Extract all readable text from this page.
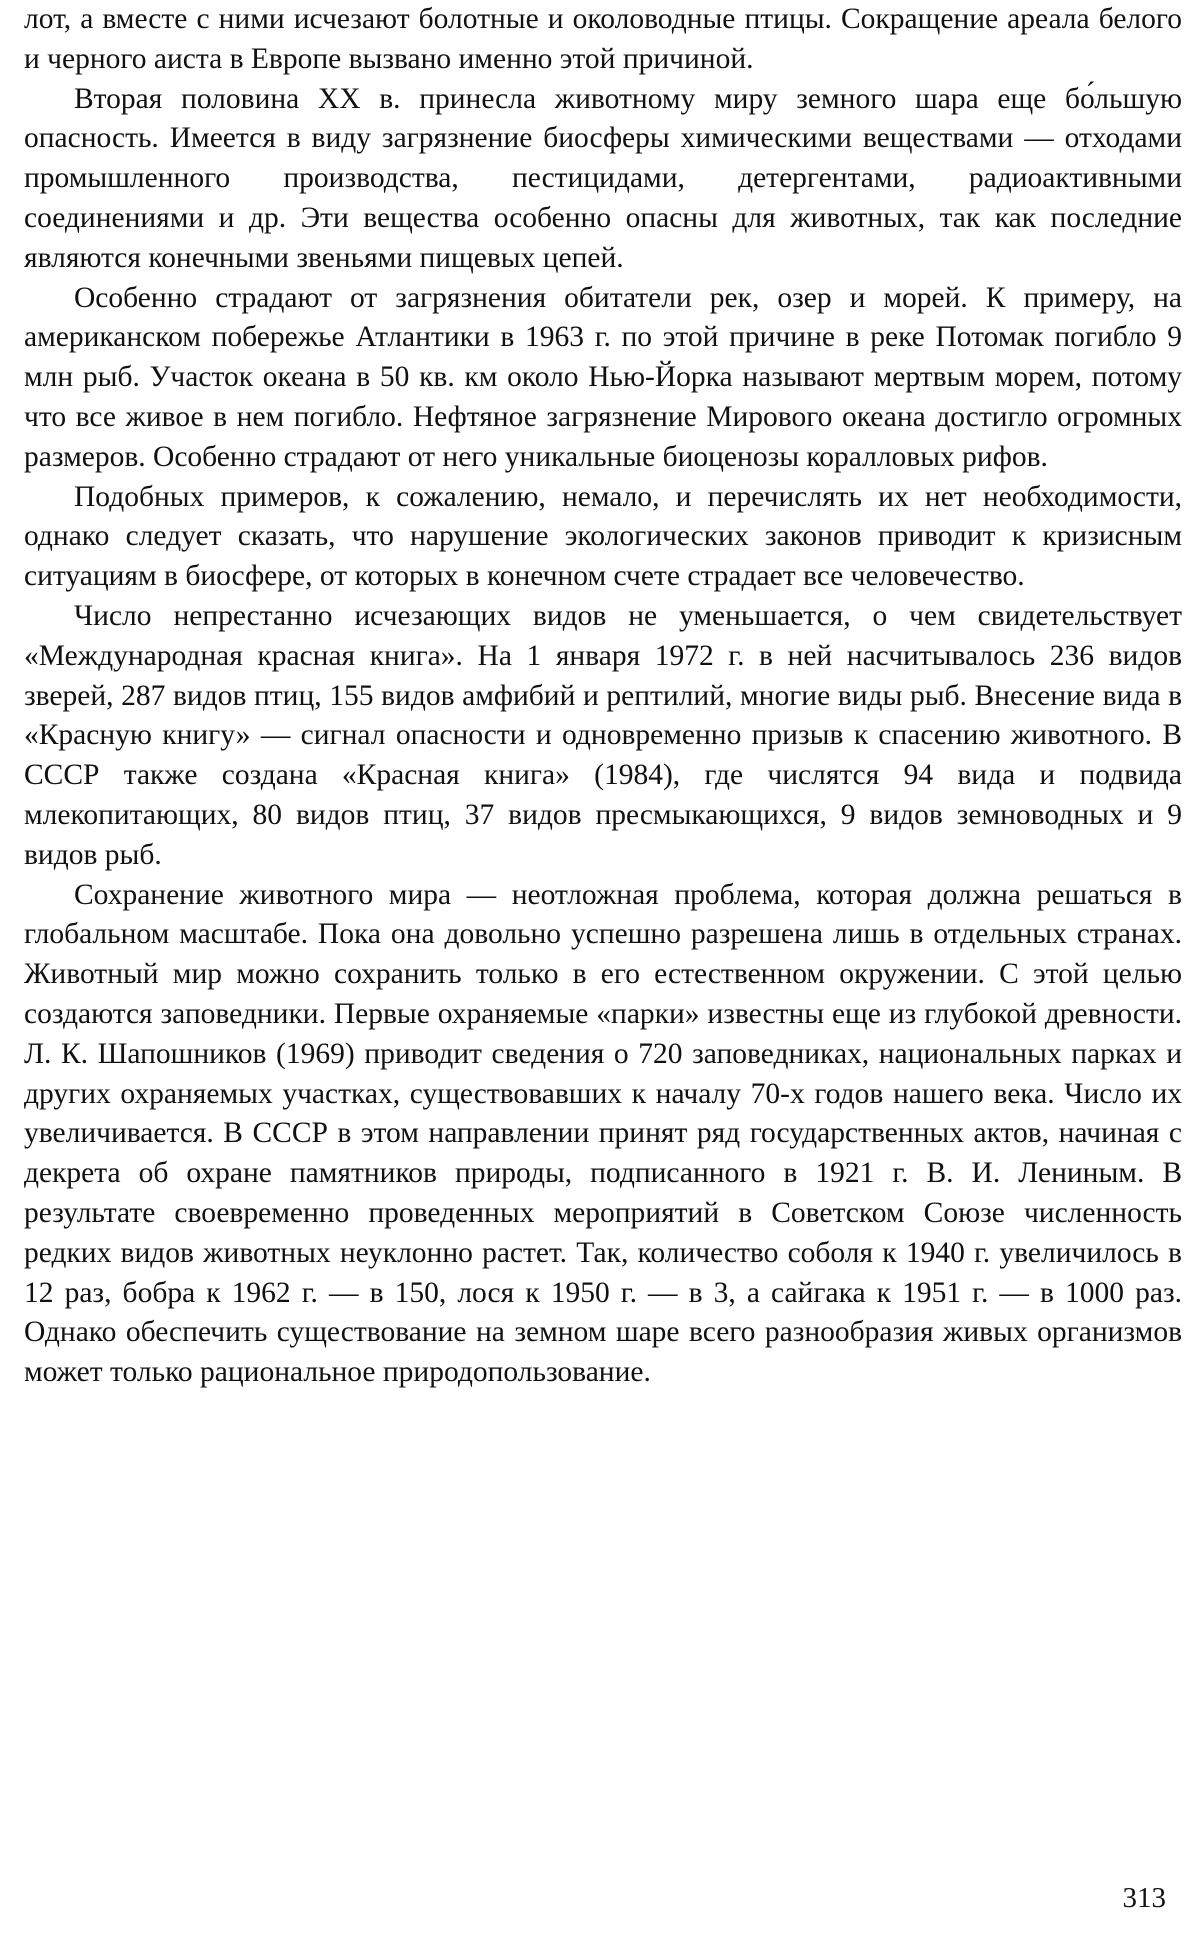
лот, а вместе с ними исчезают болотные и околоводные птицы. Сокращение ареала белого и черного аиста в Европе вызвано именно этой причиной.

Вторая половина XX в. принесла животному миру земного шара еще бо́льшую опасность. Имеется в виду загрязнение биосферы химическими веществами — отходами промышленного производства, пестицидами, детергентами, радиоактивными соединениями и др. Эти вещества особенно опасны для животных, так как последние являются конечными звеньями пищевых цепей.

Особенно страдают от загрязнения обитатели рек, озер и морей. К примеру, на американском побережье Атлантики в 1963 г. по этой причине в реке Потомак погибло 9 млн рыб. Участок океана в 50 кв. км около Нью-Йорка называют мертвым морем, потому что все живое в нем погибло. Нефтяное загрязнение Мирового океана достигло огромных размеров. Особенно страдают от него уникальные биоценозы коралловых рифов.

Подобных примеров, к сожалению, немало, и перечислять их нет необходимости, однако следует сказать, что нарушение экологических законов приводит к кризисным ситуациям в биосфере, от которых в конечном счете страдает все человечество.

Число непрестанно исчезающих видов не уменьшается, о чем свидетельствует «Международная красная книга». На 1 января 1972 г. в ней насчитывалось 236 видов зверей, 287 видов птиц, 155 видов амфибий и рептилий, многие виды рыб. Внесение вида в «Красную книгу» — сигнал опасности и одновременно призыв к спасению животного. В СССР также создана «Красная книга» (1984), где числятся 94 вида и подвида млекопитающих, 80 видов птиц, 37 видов пресмыкающихся, 9 видов земноводных и 9 видов рыб.

Сохранение животного мира — неотложная проблема, которая должна решаться в глобальном масштабе. Пока она довольно успешно разрешена лишь в отдельных странах. Животный мир можно сохранить только в его естественном окружении. С этой целью создаются заповедники. Первые охраняемые «парки» известны еще из глубокой древности. Л. К. Шапошников (1969) приводит сведения о 720 заповедниках, национальных парках и других охраняемых участках, существовавших к началу 70-х годов нашего века. Число их увеличивается. В СССР в этом направлении принят ряд государственных актов, начиная с декрета об охране памятников природы, подписанного в 1921 г. В. И. Лениным. В результате своевременно проведенных мероприятий в Советском Союзе численность редких видов животных неуклонно растет. Так, количество соболя к 1940 г. увеличилось в 12 раз, бобра к 1962 г. — в 150, лося к 1950 г. — в 3, а сайгака к 1951 г. — в 1000 раз. Однако обеспечить существование на земном шаре всего разнообразия живых организмов может только рациональное природопользование.

313
